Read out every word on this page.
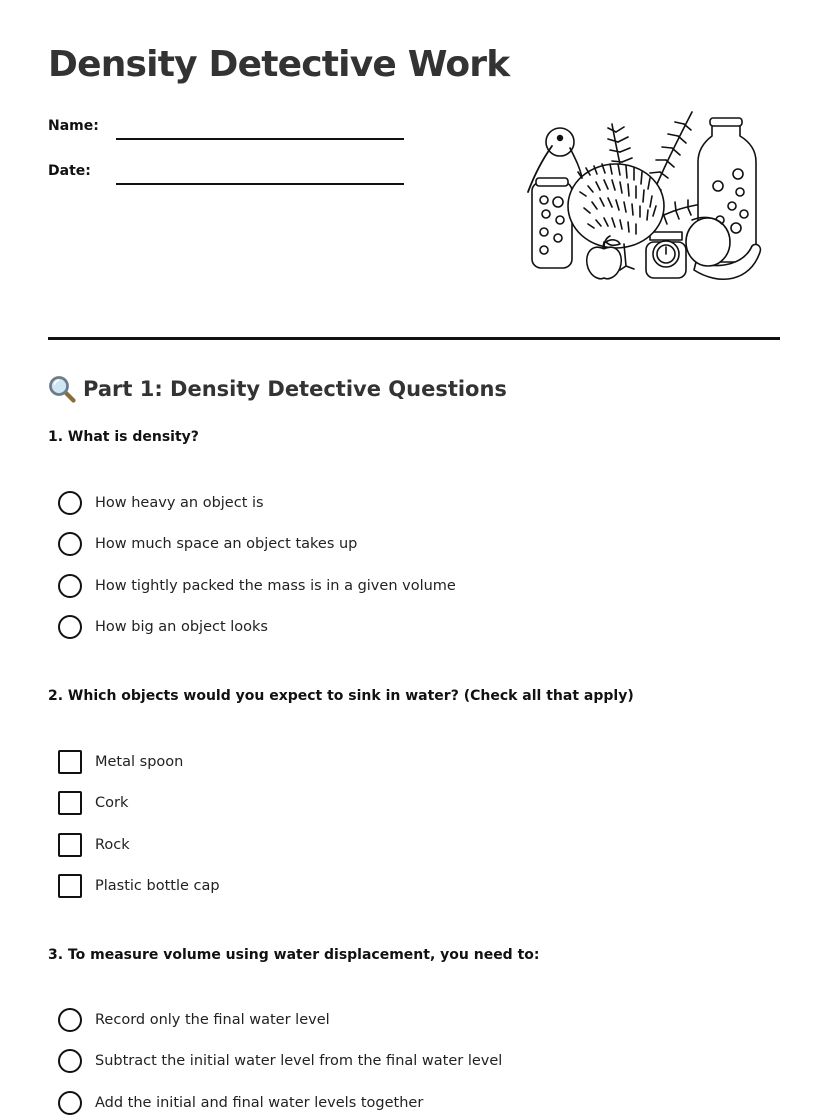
Density Detective Work
Name:
Date:
Part 1: Density Detective Questions
1. What is density?
How heavy an object is
How much space an object takes up
How tightly packed the mass is in a given volume
How big an object looks
2. Which objects would you expect to sink in water? (Check all that apply)
Metal spoon
Cork
Rock
Plastic bottle cap
3. To measure volume using water displacement, you need to:
Record only the final water level
Subtract the initial water level from the final water level
Add the initial and final water levels together
